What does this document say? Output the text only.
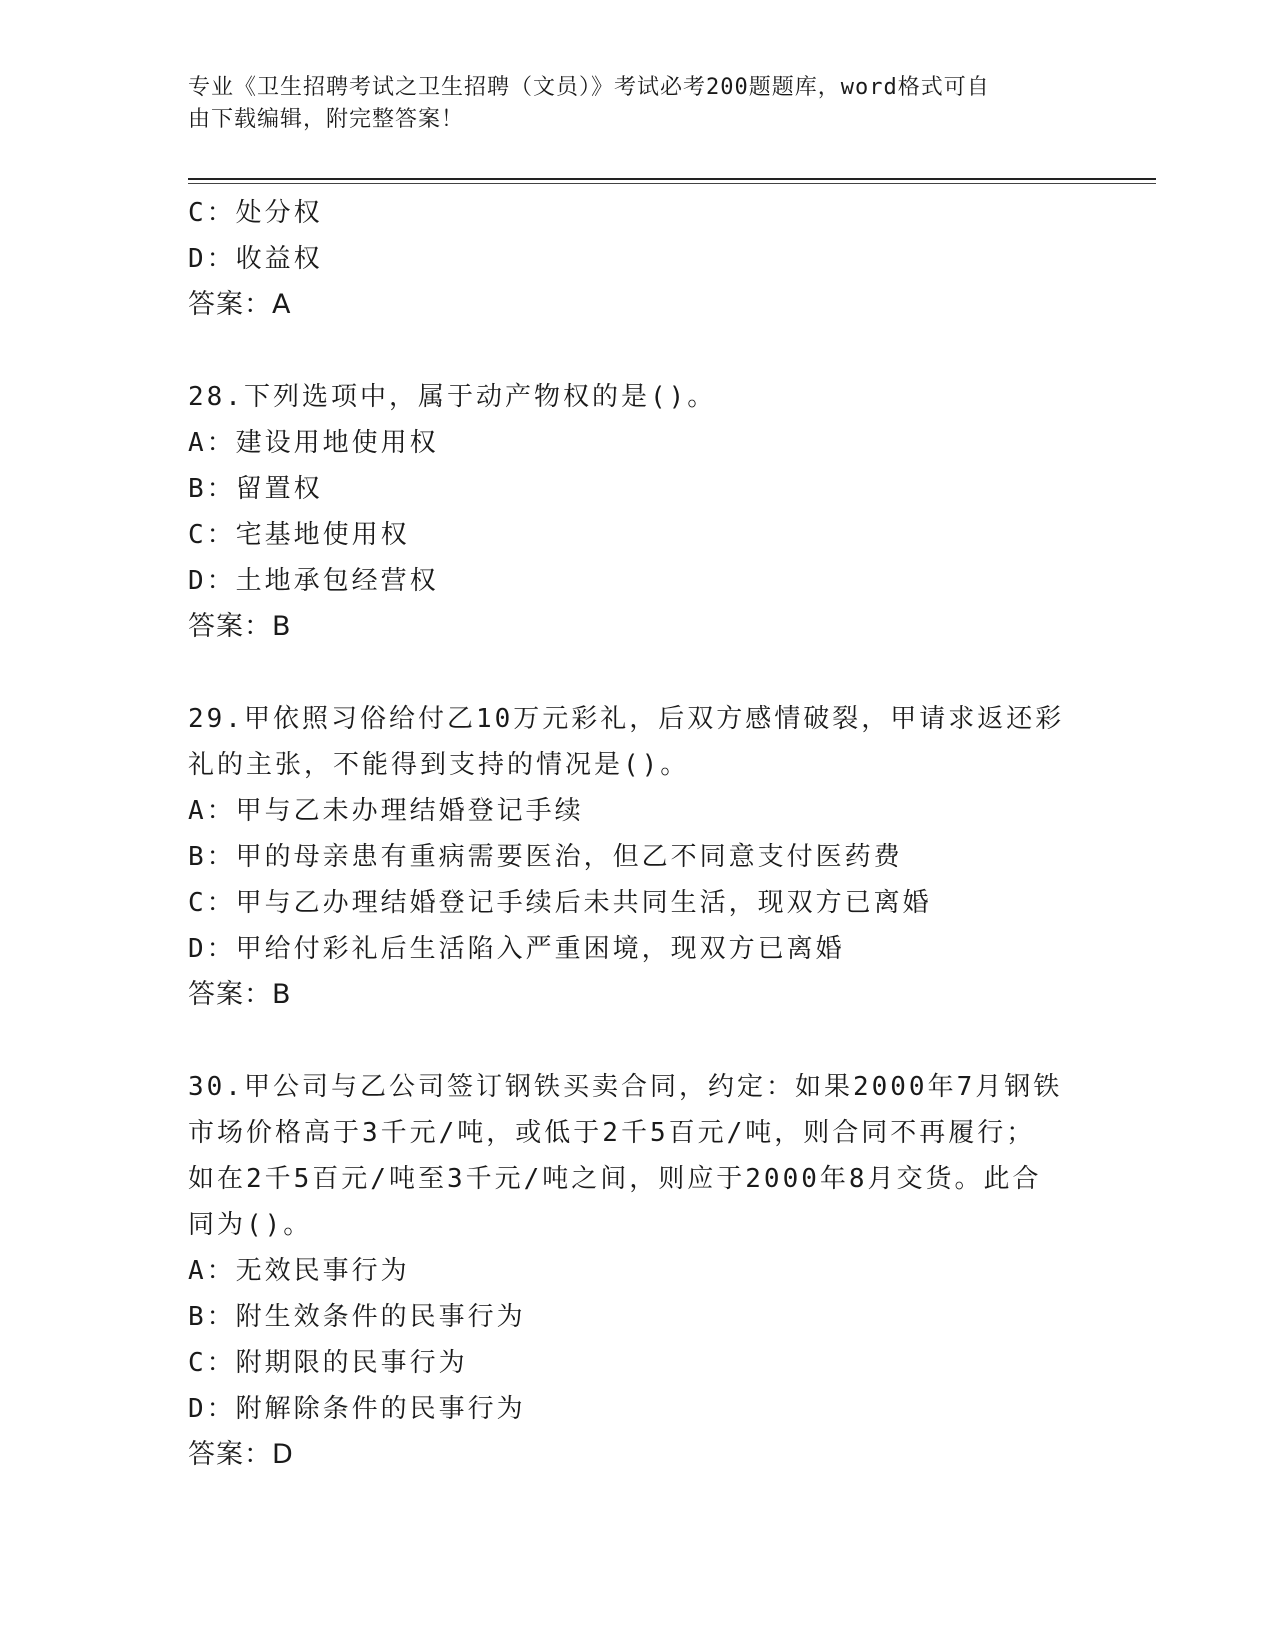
专业《卫生招聘考试之卫生招聘（文员）》考试必考200题题库，word格式可自
由下载编辑，附完整答案！
C：处分权
D：收益权
答案：A
28.下列选项中，属于动产物权的是()。
A：建设用地使用权
B：留置权
C：宅基地使用权
D：土地承包经营权
答案：B
29.甲依照习俗给付乙10万元彩礼，后双方感情破裂，甲请求返还彩
礼的主张，不能得到支持的情况是()。
A：甲与乙未办理结婚登记手续
B：甲的母亲患有重病需要医治，但乙不同意支付医药费
C：甲与乙办理结婚登记手续后未共同生活，现双方已离婚
D：甲给付彩礼后生活陷入严重困境，现双方已离婚
答案：B
30.甲公司与乙公司签订钢铁买卖合同，约定：如果2000年7月钢铁
市场价格高于3千元/吨，或低于2千5百元/吨，则合同不再履行；
如在2千5百元/吨至3千元/吨之间，则应于2000年8月交货。此合
同为()。
A：无效民事行为
B：附生效条件的民事行为
C：附期限的民事行为
D：附解除条件的民事行为
答案：D
